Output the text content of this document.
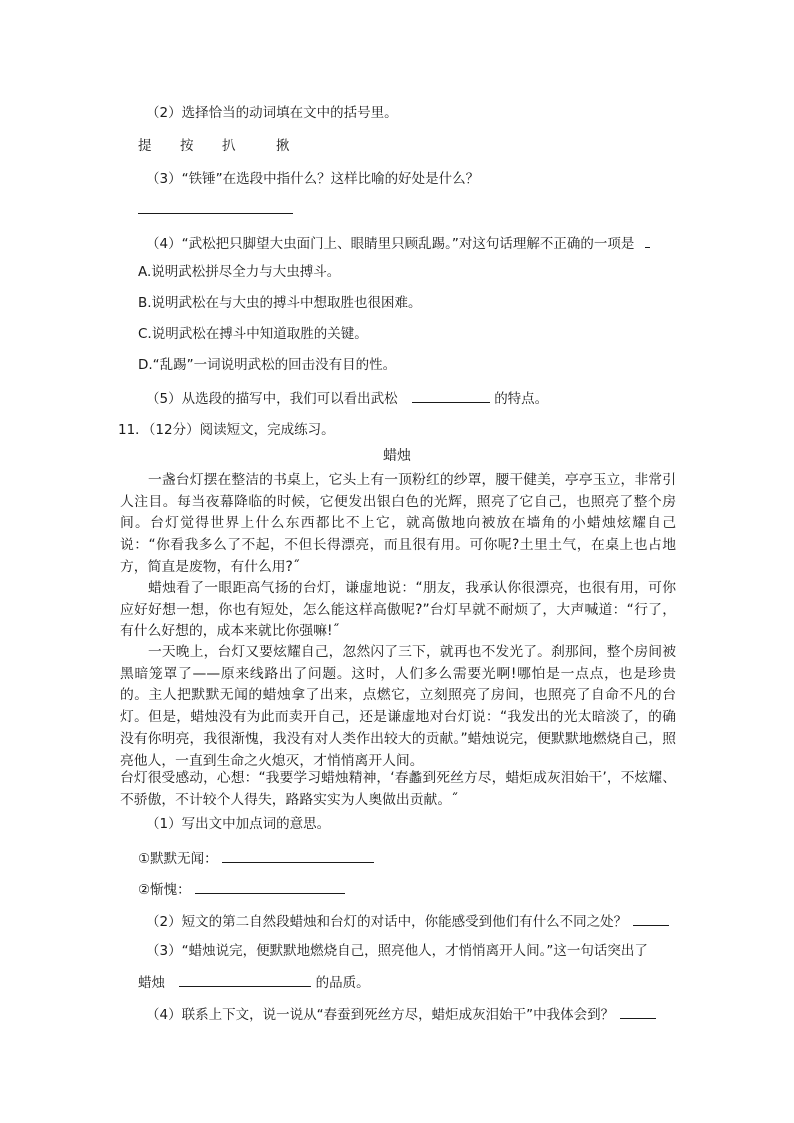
（2）选择恰当的动词填在文中的括号里。
提 按 扒	揪
（3）“铁锤”在选段中指什么？这样比喻的好处是什么？
（4）“武松把只脚望大虫面门上、眼睛里只顾乱踢。”对这句话理解不正确的一项是
A.说明武松拼尽全力与大虫搏斗。
B.说明武松在与大虫的搏斗中想取胜也很困难。
C.说明武松在搏斗中知道取胜的关键。
D.“乱踢”一词说明武松的回击没有目的性。
（5）从选段的描写中，我们可以看出武松	的特点。
11．（12分）阅读短文，完成练习。
蜡烛
一盏台灯摆在整洁的书桌上，它头上有一顶粉红的纱罩，腰干健美，亭亭玉立，非常引人注目。每当夜幕降临的时候，它便发出银白色的光辉，照亮了它自己，也照亮了整个房间。台灯觉得世界上什么东西都比不上它，就高傲地向被放在墙角的小蜡烛炫耀自己说：“你看我多么了不起，不但长得漂亮，而且很有用。可你呢?土里土气，在桌上也占地方，简直是废物，有什么用?˝
蜡烛看了一眼距高气扬的台灯，谦虚地说：“朋友，我承认你很漂亮，也很有用，可你应好好想一想，你也有短处，怎么能这样高傲呢?”台灯早就不耐烦了，大声喊道：“行了，有什么好想的，成本来就比你强嘛!˝
一天晚上，台灯又要炫耀自己，忽然闪了三下，就再也不发光了。刹那间，整个房间被黑暗笼罩了——原来线路出了问题。这时，人们多么需要光啊!哪怕是一点点，也是珍贵的。主人把默默无闻的蜡烛拿了出来，点燃它，立刻照亮了房间，也照亮了自命不凡的台灯。但是，蜡烛没有为此而卖开自己，还是谦虚地对台灯说：“我发出的光太暗淡了，的确没有你明亮，我很渐愧，我没有对人类作出较大的贡献。”蜡烛说完，便默默地燃烧自己，照亮他人，一直到生命之火熄灭，才悄悄离开人间。
台灯很受感动，心想：“我要学习蜡烛精神，‘春蠡到死丝方尽，蜡炬成灰泪始干’，不炫耀、不骄傲，不计较个人得失，路路实实为人奥做出贡献。˝
（1）写出文中加点词的意思。
①默默无闻：
②惭愧：
（2）短文的第二自然段蜡烛和台灯的对话中，你能感受到他们有什么不同之处？
（3）“蜡烛说完，便默默地燃烧自己，照亮他人，才悄悄离开人间。”这一句话突出了
蜡烛	的品质。
（4）联系上下文，说一说从“春蚕到死丝方尽，蜡炬成灰泪始干”中我体会到？
